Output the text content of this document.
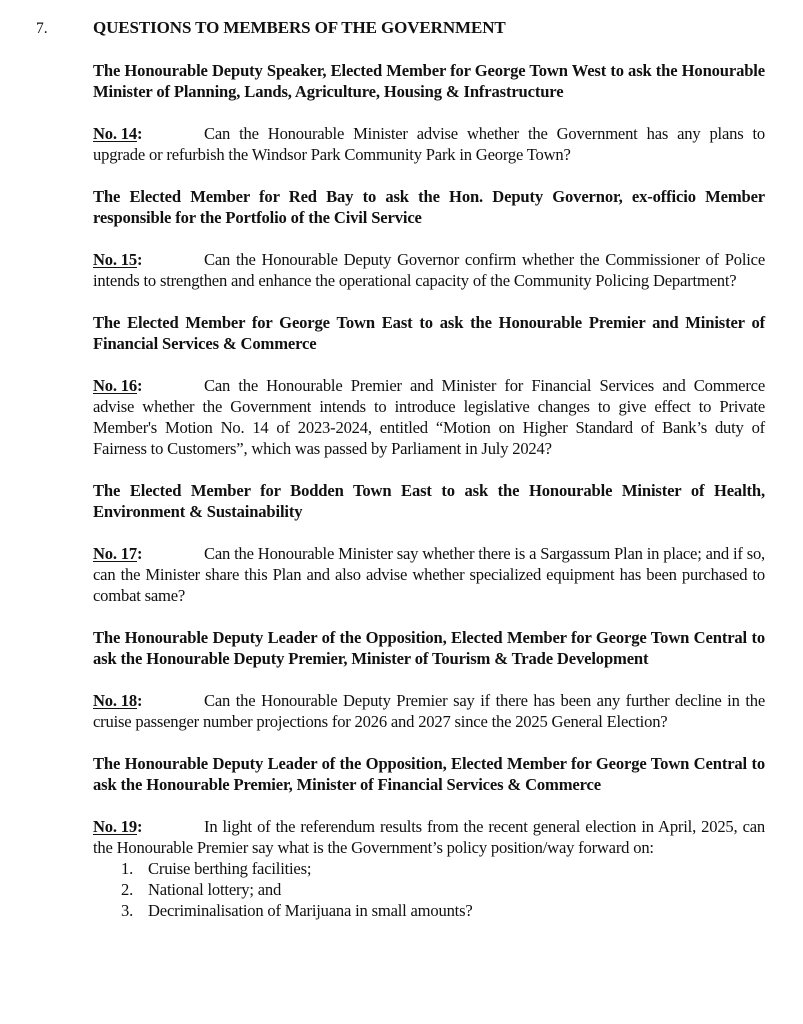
7.	QUESTIONS TO MEMBERS OF THE GOVERNMENT

The Honourable Deputy Speaker, Elected Member for George Town West to ask the Honourable Minister of Planning, Lands, Agriculture, Housing & Infrastructure

No. 14:	Can the Honourable Minister advise whether the Government has any plans to upgrade or refurbish the Windsor Park Community Park in George Town?

The Elected Member for Red Bay to ask the Hon. Deputy Governor, ex-officio Member responsible for the Portfolio of the Civil Service

No. 15:	Can the Honourable Deputy Governor confirm whether the Commissioner of Police intends to strengthen and enhance the operational capacity of the Community Policing Department?

The Elected Member for George Town East to ask the Honourable Premier and Minister of Financial Services & Commerce

No. 16:	Can the Honourable Premier and Minister for Financial Services and Commerce advise whether the Government intends to introduce legislative changes to give effect to Private Member's Motion No. 14 of 2023-2024, entitled “Motion on Higher Standard of Bank’s duty of Fairness to Customers”, which was passed by Parliament in July 2024?

The Elected Member for Bodden Town East to ask the Honourable Minister of Health, Environment & Sustainability

No. 17:	Can the Honourable Minister say whether there is a Sargassum Plan in place; and if so, can the Minister share this Plan and also advise whether specialized equipment has been purchased to combat same?

The Honourable Deputy Leader of the Opposition, Elected Member for George Town Central to ask the Honourable Deputy Premier, Minister of Tourism & Trade Development

No. 18:	Can the Honourable Deputy Premier say if there has been any further decline in the cruise passenger number projections for 2026 and 2027 since the 2025 General Election?

The Honourable Deputy Leader of the Opposition, Elected Member for George Town Central to ask the Honourable Premier, Minister of Financial Services & Commerce

No. 19:	In light of the referendum results from the recent general election in April, 2025, can the Honourable Premier say what is the Government’s policy position/way forward on:

1. Cruise berthing facilities;
2. National lottery; and
3. Decriminalisation of Marijuana in small amounts?
